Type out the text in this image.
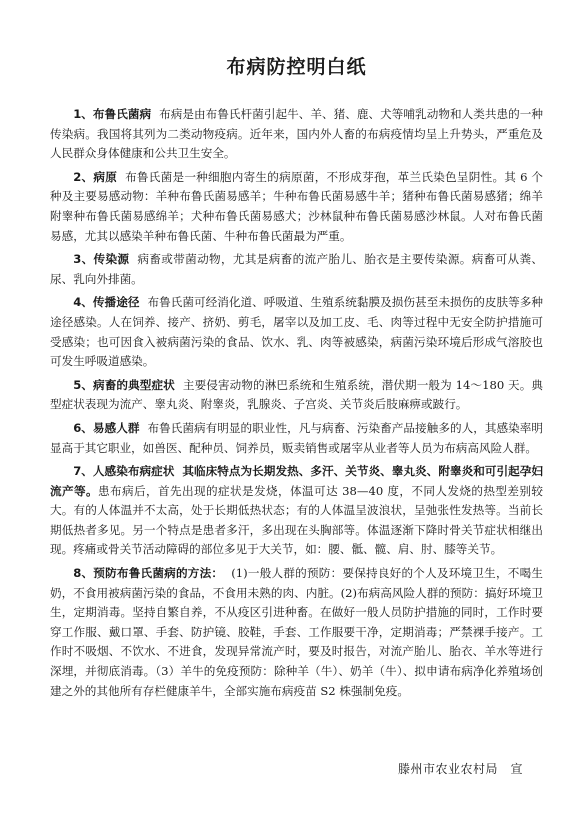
布病防控明白纸

1、布鲁氏菌病 布病是由布鲁氏杆菌引起牛、羊、猪、鹿、犬等哺乳动物和人类共患的一种传染病。我国将其列为二类动物疫病。近年来，国内外人畜的布病疫情均呈上升势头，严重危及人民群众身体健康和公共卫生安全。

2、病原 布鲁氏菌是一种细胞内寄生的病原菌，不形成芽孢，革兰氏染色呈阴性。其 6 个种及主要易感动物：羊种布鲁氏菌易感羊；牛种布鲁氏菌易感牛羊；猪种布鲁氏菌易感猪；绵羊附睾种布鲁氏菌易感绵羊；犬种布鲁氏菌易感犬；沙林鼠种布鲁氏菌易感沙林鼠。人对布鲁氏菌易感，尤其以感染羊种布鲁氏菌、牛种布鲁氏菌最为严重。

3、传染源 病畜或带菌动物，尤其是病畜的流产胎儿、胎衣是主要传染源。病畜可从粪、尿、乳向外排菌。

4、传播途径 布鲁氏菌可经消化道、呼吸道、生殖系统黏膜及损伤甚至未损伤的皮肤等多种途径感染。人在饲养、接产、挤奶、剪毛，屠宰以及加工皮、毛、肉等过程中无安全防护措施可受感染；也可因食入被病菌污染的食品、饮水、乳、肉等被感染，病菌污染环境后形成气溶胶也可发生呼吸道感染。

5、病畜的典型症状 主要侵害动物的淋巴系统和生殖系统，潜伏期一般为 14～180 天。典型症状表现为流产、睾丸炎、附睾炎，乳腺炎、子宫炎、关节炎后肢麻痹或跛行。

6、易感人群 布鲁氏菌病有明显的职业性，凡与病畜、污染畜产品接触多的人，其感染率明显高于其它职业，如兽医、配种员、饲养员，贩卖销售或屠宰从业者等人员为布病高风险人群。

7、人感染布病症状 其临床特点为长期发热、多汗、关节炎、睾丸炎、附睾炎和可引起孕妇流产等。患布病后，首先出现的症状是发烧，体温可达 38—40 度，不同人发烧的热型差别较大。有的人体温并不太高，处于长期低热状态；有的人体温呈波浪状，呈弛张性发热等。当前长期低热者多见。另一个特点是患者多汗，多出现在头胸部等。体温逐渐下降时骨关节症状相继出现。疼痛或骨关节活动障碍的部位多见于大关节，如：腰、骶、髋、肩、肘、膝等关节。

8、预防布鲁氏菌病的方法： (1)一般人群的预防：要保持良好的个人及环境卫生，不喝生奶，不食用被病菌污染的食品，不食用未熟的肉、内脏。(2)布病高风险人群的预防：搞好环境卫生，定期消毒。坚持自繁自养，不从疫区引进种畜。在做好一般人员防护措施的同时，工作时要穿工作服、戴口罩、手套、防护镜、胶鞋，手套、工作服要干净，定期消毒；严禁裸手接产。工作时不吸烟、不饮水、不进食，发现异常流产时，要及时报告，对流产胎儿、胎衣、羊水等进行深埋，并彻底消毒。（3）羊牛的免疫预防：除种羊（牛）、奶羊（牛）、拟申请布病净化养殖场创建之外的其他所有存栏健康羊牛，全部实施布病疫苗 S2 株强制免疫。

滕州市农业农村局　宣
